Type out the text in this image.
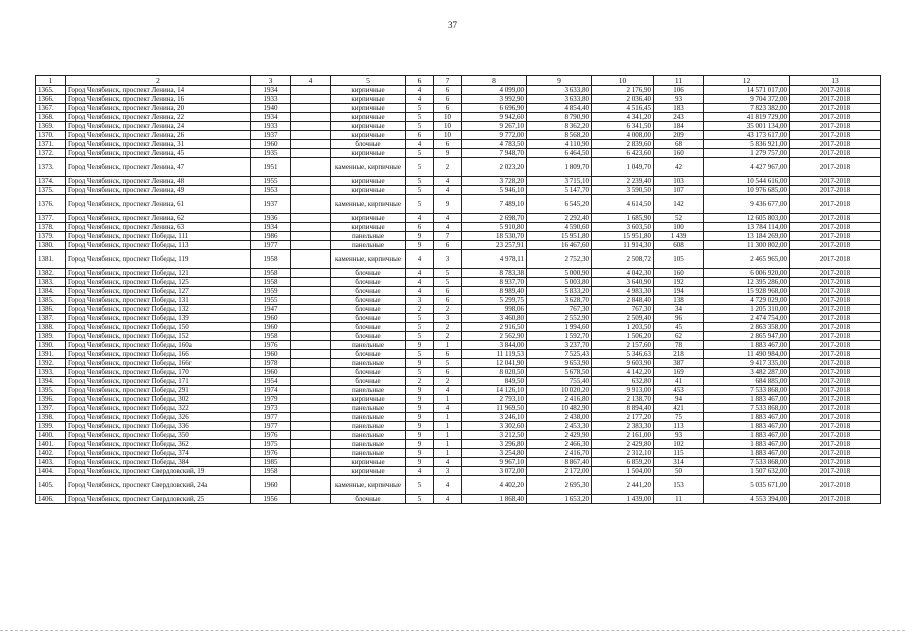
37
1	2	3	4	5	6	7	8	9	10	11	12	13
1365.	Город Челябинск, проспект Ленина, 14	1934		кирпичные	4	6	4 099,00	3 633,80	2 176,90	106	14 571 017,00	2017-2018
1366.	Город Челябинск, проспект Ленина, 16	1933		кирпичные	4	6	3 992,90	3 633,80	2 036,40	93	9 704 372,00	2017-2018
1367.	Город Челябинск, проспект Ленина, 20	1940		кирпичные	5	6	6 696,90	4 854,40	4 516,45	183	7 823 382,00	2017-2018
1368.	Город Челябинск, проспект Ленина, 22	1934		кирпичные	5	10	9 942,60	8 790,90	4 341,20	243	41 819 729,00	2017-2018
1369.	Город Челябинск, проспект Ленина, 24	1933		кирпичные	5	10	9 267,10	8 362,20	6 341,50	184	35 001 134,00	2017-2018
1370.	Город Челябинск, проспект Ленина, 26	1937		кирпичные	6	10	9 772,00	8 568,20	4 008,00	209	43 173 617,00	2017-2018
1371.	Город Челябинск, проспект Ленина, 31	1960		блочные	4	6	4 783,50	4 110,90	2 839,60	68	5 836 921,00	2017-2018
1372.	Город Челябинск, проспект Ленина, 45	1935		кирпичные	5	9	7 948,70	6 464,50	6 423,60	160	1 279 757,00	2017-2018
1373.	Город Челябинск, проспект Ленина, 47	1951		каменные, кирпичные	5	2	2 023,20	1 809,70	1 049,70	42	4 427 967,00	2017-2018
1374.	Город Челябинск, проспект Ленина, 48	1955		кирпичные	5	4	3 728,20	3 715,10	2 239,40	103	10 544 616,00	2017-2018
1375.	Город Челябинск, проспект Ленина, 49	1953		кирпичные	5	4	5 946,10	5 147,70	3 590,50	107	10 976 685,00	2017-2018
1376.	Город Челябинск, проспект Ленина, 61	1937		каменные, кирпичные	5	9	7 489,10	6 545,20	4 614,50	142	9 436 677,00	2017-2018
1377.	Город Челябинск, проспект Ленина, 62	1936		кирпичные	4	4	2 698,70	2 292,40	1 685,90	52	12 605 803,00	2017-2018
1378.	Город Челябинск, проспект Ленина, 63	1934		кирпичные	6	4	5 910,80	4 590,60	3 603,50	100	13 784 114,00	2017-2018
1379.	Город Челябинск, проспект Победы, 111	1986		панельные	9	7	18 530,70	15 951,80	15 951,80	1 439	13 184 269,00	2017-2018
1380.	Город Челябинск, проспект Победы, 113	1977		панельные	9	6	23 257,91	16 467,60	11 914,30	608	11 300 802,00	2017-2018
1381.	Город Челябинск, проспект Победы, 119	1958		каменные, кирпичные	4	3	4 978,11	2 752,30	2 508,72	105	2 465 965,00	2017-2018
1382.	Город Челябинск, проспект Победы, 121	1958		блочные	4	5	8 783,38	5 000,90	4 042,30	160	6 006 920,00	2017-2018
1383.	Город Челябинск, проспект Победы, 125	1958		блочные	4	5	8 937,70	5 003,80	3 640,90	192	12 395 286,00	2017-2018
1384.	Город Челябинск, проспект Победы, 127	1959		блочные	4	6	8 989,40	5 833,20	4 983,30	194	15 928 968,00	2017-2018
1385.	Город Челябинск, проспект Победы, 131	1955		блочные	3	6	5 299,75	3 628,70	2 848,40	138	4 729 029,00	2017-2018
1386.	Город Челябинск, проспект Победы, 132	1947		блочные	2	2	998,06	767,30	767,30	34	1 205 310,00	2017-2018
1387.	Город Челябинск, проспект Победы, 139	1960		блочные	5	3	3 460,80	2 552,90	2 509,40	96	2 474 754,00	2017-2018
1388.	Город Челябинск, проспект Победы, 150	1960		блочные	5	2	2 916,50	1 994,60	1 203,50	45	2 863 358,00	2017-2018
1389.	Город Челябинск, проспект Победы, 152	1958		блочные	5	2	2 562,90	1 592,70	1 506,20	62	2 865 947,00	2017-2018
1390.	Город Челябинск, проспект Победы, 160а	1976		панельные	9	1	3 844,00	3 237,70	2 157,60	78	1 883 467,00	2017-2018
1391.	Город Челябинск, проспект Победы, 166	1960		блочные	5	6	11 119,53	7 525,43	5 346,63	218	11 490 984,00	2017-2018
1392.	Город Челябинск, проспект Победы, 166г	1978		панельные	9	5	12 041,90	9 653,90	9 603,90	387	9 417 335,00	2017-2018
1393.	Город Челябинск, проспект Победы, 170	1960		блочные	5	6	8 020,50	5 678,50	4 142,20	169	3 482 287,00	2017-2018
1394.	Город Челябинск, проспект Победы, 171	1954		блочные	2	2	849,50	755,40	632,80	41	684 885,00	2017-2018
1395.	Город Челябинск, проспект Победы, 291	1974		панельные	9	4	14 126,10	10 020,20	9 913,00	453	7 533 868,00	2017-2018
1396.	Город Челябинск, проспект Победы, 302	1979		кирпичные	9	1	2 793,10	2 416,80	2 138,70	94	1 883 467,00	2017-2018
1397.	Город Челябинск, проспект Победы, 322	1973		панельные	9	4	11 969,50	10 482,90	8 894,40	421	7 533 868,00	2017-2018
1398.	Город Челябинск, проспект Победы, 326	1977		панельные	9	1	3 246,10	2 438,00	2 177,20	75	1 883 467,00	2017-2018
1399.	Город Челябинск, проспект Победы, 336	1977		панельные	9	1	3 302,60	2 453,30	2 383,30	113	1 883 467,00	2017-2018
1400.	Город Челябинск, проспект Победы, 350	1976		панельные	9	1	3 212,50	2 429,90	2 161,00	93	1 883 467,00	2017-2018
1401.	Город Челябинск, проспект Победы, 362	1975		панельные	9	1	3 296,80	2 466,30	2 429,80	102	1 883 467,00	2017-2018
1402.	Город Челябинск, проспект Победы, 374	1976		панельные	9	1	3 254,80	2 416,70	2 312,10	115	1 883 467,00	2017-2018
1403.	Город Челябинск, проспект Победы, 384	1985		кирпичные	9	4	9 967,10	8 867,40	6 859,20	314	7 533 868,00	2017-2018
1404.	Город Челябинск, проспект Свердловский, 19	1958		кирпичные	4	3	3 072,00	2 172,00	1 504,00	50	1 507 632,00	2017-2018
1405.	Город Челябинск, проспект Свердловский, 24а	1960		каменные, кирпичные	5	4	4 402,20	2 695,30	2 441,20	153	5 035 671,00	2017-2018
1406.	Город Челябинск, проспект Свердловский, 25	1956		блочные	5	4	1 868,40	1 653,20	1 439,00	11	4 553 394,00	2017-2018
